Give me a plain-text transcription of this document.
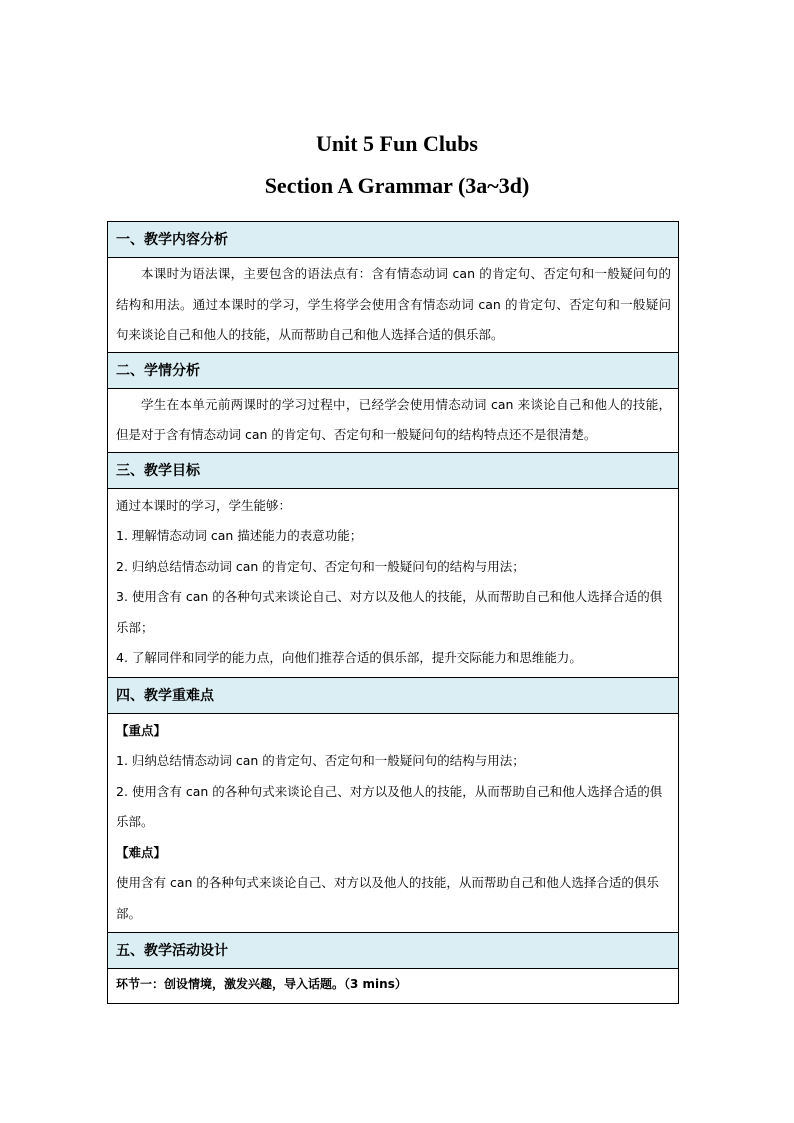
Unit 5 Fun Clubs
Section A Grammar (3a~3d)
一、教学内容分析

本课时为语法课，主要包含的语法点有：含有情态动词 can 的肯定句、否定句和一般疑问句的结构和用法。通过本课时的学习，学生将学会使用含有情态动词 can 的肯定句、否定句和一般疑问句来谈论自己和他人的技能，从而帮助自己和他人选择合适的俱乐部。

二、学情分析

学生在本单元前两课时的学习过程中，已经学会使用情态动词 can 来谈论自己和他人的技能，但是对于含有情态动词 can 的肯定句、否定句和一般疑问句的结构特点还不是很清楚。

三、教学目标

通过本课时的学习，学生能够：

1. 理解情态动词 can 描述能力的表意功能；

2. 归纳总结情态动词 can 的肯定句、否定句和一般疑问句的结构与用法；

3. 使用含有 can 的各种句式来谈论自己、对方以及他人的技能，从而帮助自己和他人选择合适的俱乐部；

4. 了解同伴和同学的能力点，向他们推荐合适的俱乐部，提升交际能力和思维能力。

四、教学重难点

【重点】

1. 归纳总结情态动词 can 的肯定句、否定句和一般疑问句的结构与用法；

2. 使用含有 can 的各种句式来谈论自己、对方以及他人的技能，从而帮助自己和他人选择合适的俱乐部。

【难点】

使用含有 can 的各种句式来谈论自己、对方以及他人的技能，从而帮助自己和他人选择合适的俱乐部。

五、教学活动设计

环节一：创设情境，激发兴趣，导入话题。（3 mins）
